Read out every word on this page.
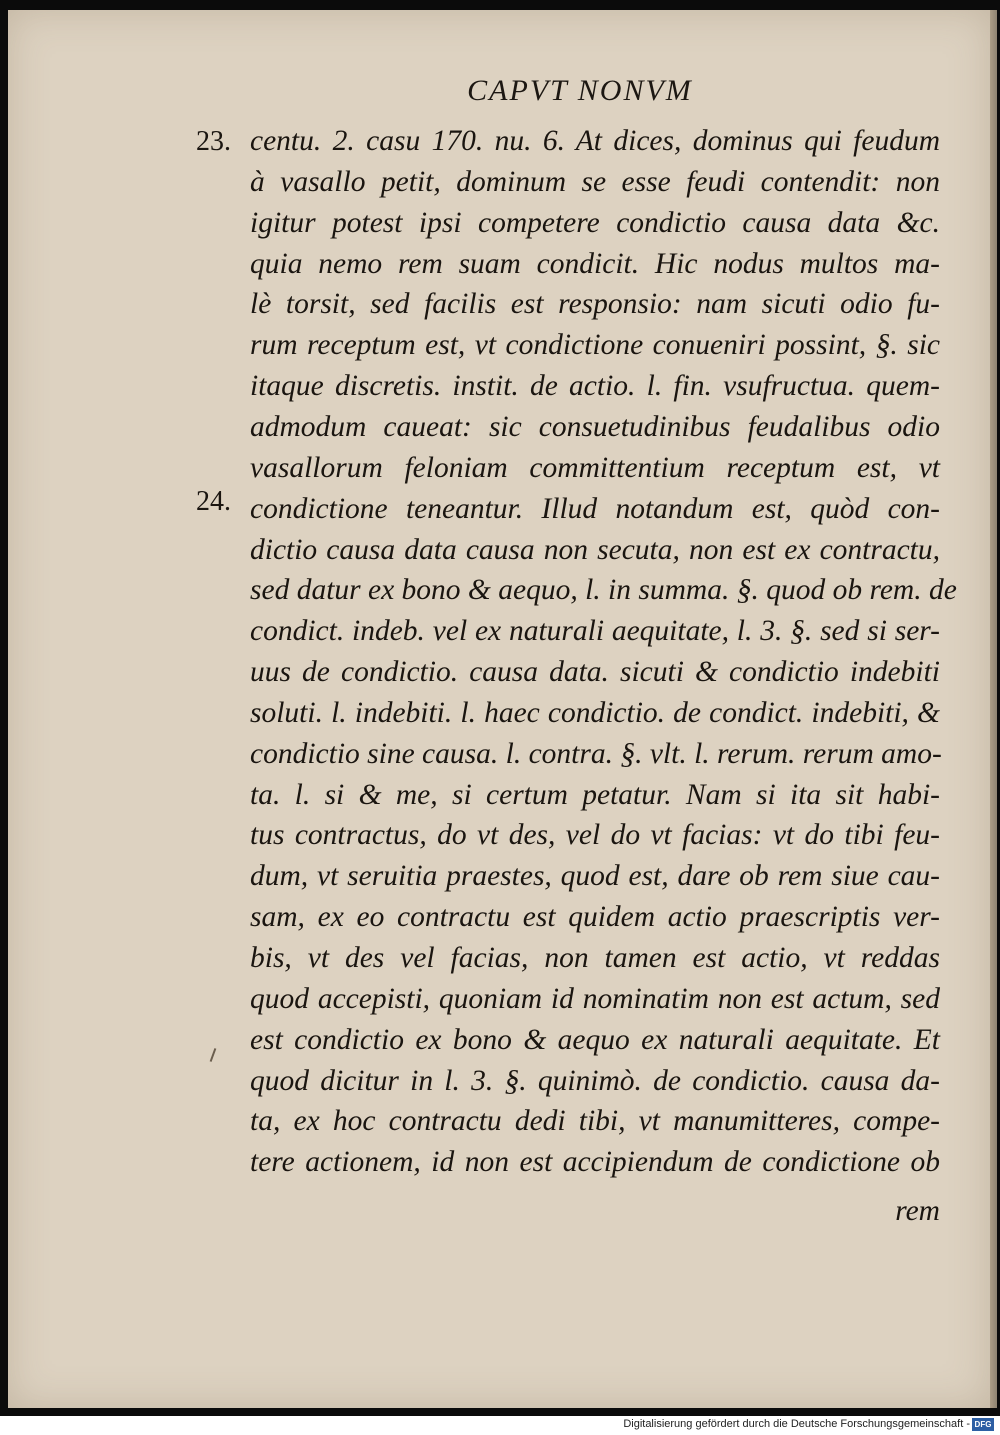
CAPVT NONVM
centu. 2. casu 170. nu. 6. At dices, dominus qui feudum
à vasallo petit, dominum se esse feudi contendit: non
igitur potest ipsi competere condictio causa data &c.
quia nemo rem suam condicit. Hic nodus multos ma-
lè torsit, sed facilis est responsio: nam sicuti odio fu-
rum receptum est, vt condictione conueniri possint, §. sic
itaque discretis. instit. de actio. l. fin. vsufructua. quem-
admodum caueat: sic consuetudinibus feudalibus odio
vasallorum feloniam committentium receptum est, vt
condictione teneantur. Illud notandum est, quòd con-
dictio causa data causa non secuta, non est ex contractu,
sed datur ex bono & aequo, l. in summa. §. quod ob rem. de
condict. indeb. vel ex naturali aequitate, l. 3. §. sed si ser-
uus de condictio. causa data. sicuti & condictio indebiti
soluti. l. indebiti. l. haec condictio. de condict. indebiti, &
condictio sine causa. l. contra. §. vlt. l. rerum. rerum amo-
ta. l. si & me, si certum petatur. Nam si ita sit habi-
tus contractus, do vt des, vel do vt facias: vt do tibi feu-
dum, vt seruitia praestes, quod est, dare ob rem siue cau-
sam, ex eo contractu est quidem actio praescriptis ver-
bis, vt des vel facias, non tamen est actio, vt reddas
quod accepisti, quoniam id nominatim non est actum, sed
est condictio ex bono & aequo ex naturali aequitate. Et
quod dicitur in l. 3. §. quinimò. de condictio. causa da-
ta, ex hoc contractu dedi tibi, vt manumitteres, compe-
tere actionem, id non est accipiendum de condictione ob
rem
23.
24.
Digitalisierung gefördert durch die Deutsche Forschungsgemeinschaft - DFG
